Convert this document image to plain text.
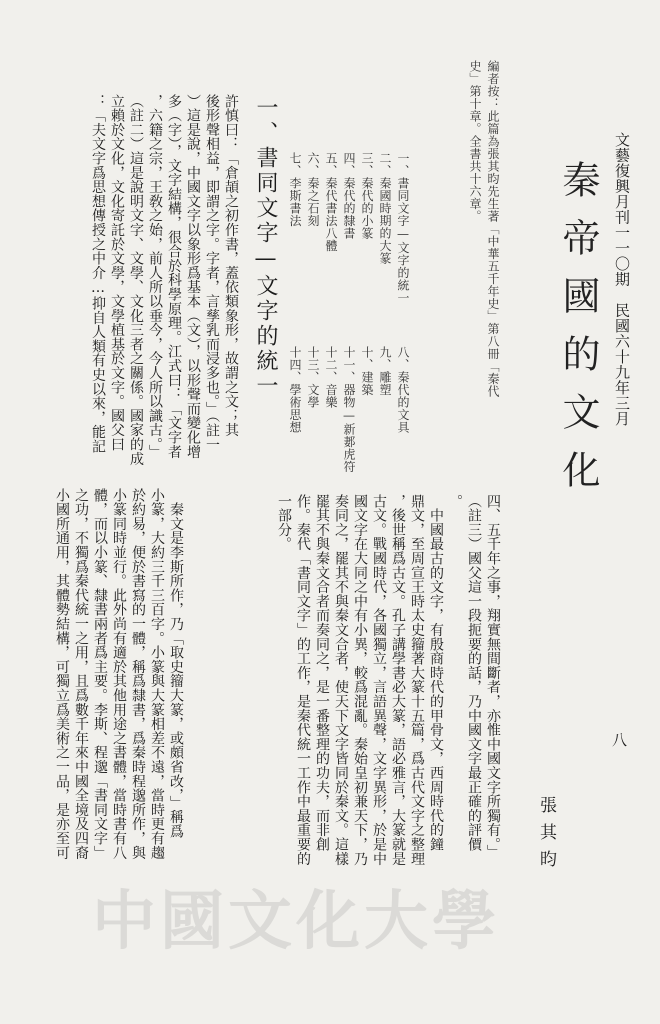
文藝復興月刊一一〇期　民國六十九年三月
八
秦帝國的文化
張其昀
編者按：此篇為張其昀先生著「中華五千年史」第八冊「秦代
史」第十章。全書共十六章。

一、書同文字—文字的統一
二、秦國時期的大篆
三、秦代的小篆
四、秦代的隸書
五、秦代書法八體
六、秦之石刻
七、李斯書法

八、秦代的文具
九、雕塑
十、建築
十一、器物—新郪虎符
十二、音樂
十三、文學
十四、學術思想

一、書同文字—文字的統一
許慎曰：「倉頡之初作書，蓋依類象形，故謂之文；其
後形聲相益，即謂之字。字者，言孳乳而浸多也。」（註一
）這是說，中國文字以象形爲基本（文），以形聲而變化增
多（字），文字結構，很合於科學原理。江式曰：「文字者
，六籍之宗，王敎之始，前人所以垂今，今人所以識古。」
（註二）這是說明文字、文學、文化三者之關係。國家的成
立賴於文化，文化寄託於文學，文學植基於文字。國父曰
：「夫文字爲思想傳授之中介…抑自人類有史以來，能記
四、五千年之事，翔實無間斷者，亦惟中國文字所獨有。」
（註三）國父這一段扼要的話，乃中國文字最正確的評價
。
　中國最古的文字，有殷商時代的甲骨文，西周時代的鐘
鼎文，至周宣王時太史籀著大篆十五篇，爲古代文字之整理
，後世稱爲古文。孔子講學書必大篆，語必雅言，大篆就是
古文。戰國時代，各國獨立，言語異聲，文字異形，於是中
國文字在大同之中有小異，較爲混亂。秦始皇初兼天下，乃
奏同之，罷其不與秦文合者，使天下文字皆同於秦文。這樣
罷其不與秦文合者而奏同之，是一番整理的功夫，而非創
作。秦代「書同文字」的工作，是秦代統一工作中最重要的
一部分。
　秦文是李斯所作，乃「取史籀大篆，或頗省改，」稱爲
小篆，大約三千三百字。小篆與大篆相差不遠，當時更有趨
於約易，便於書寫的一體，稱爲隸書，爲秦時程邈所作，與
小篆同時並行。此外尚有適於其他用途之書體，當時書有八
體，而以小篆、隸書兩者爲主要。李斯、程邈「書同文字」
之功，不獨爲秦代統一之用，且爲數千年來中國全境及四裔
小國所通用，其體勢結構，可獨立爲美術之一品，是亦至可
中國文化大學
